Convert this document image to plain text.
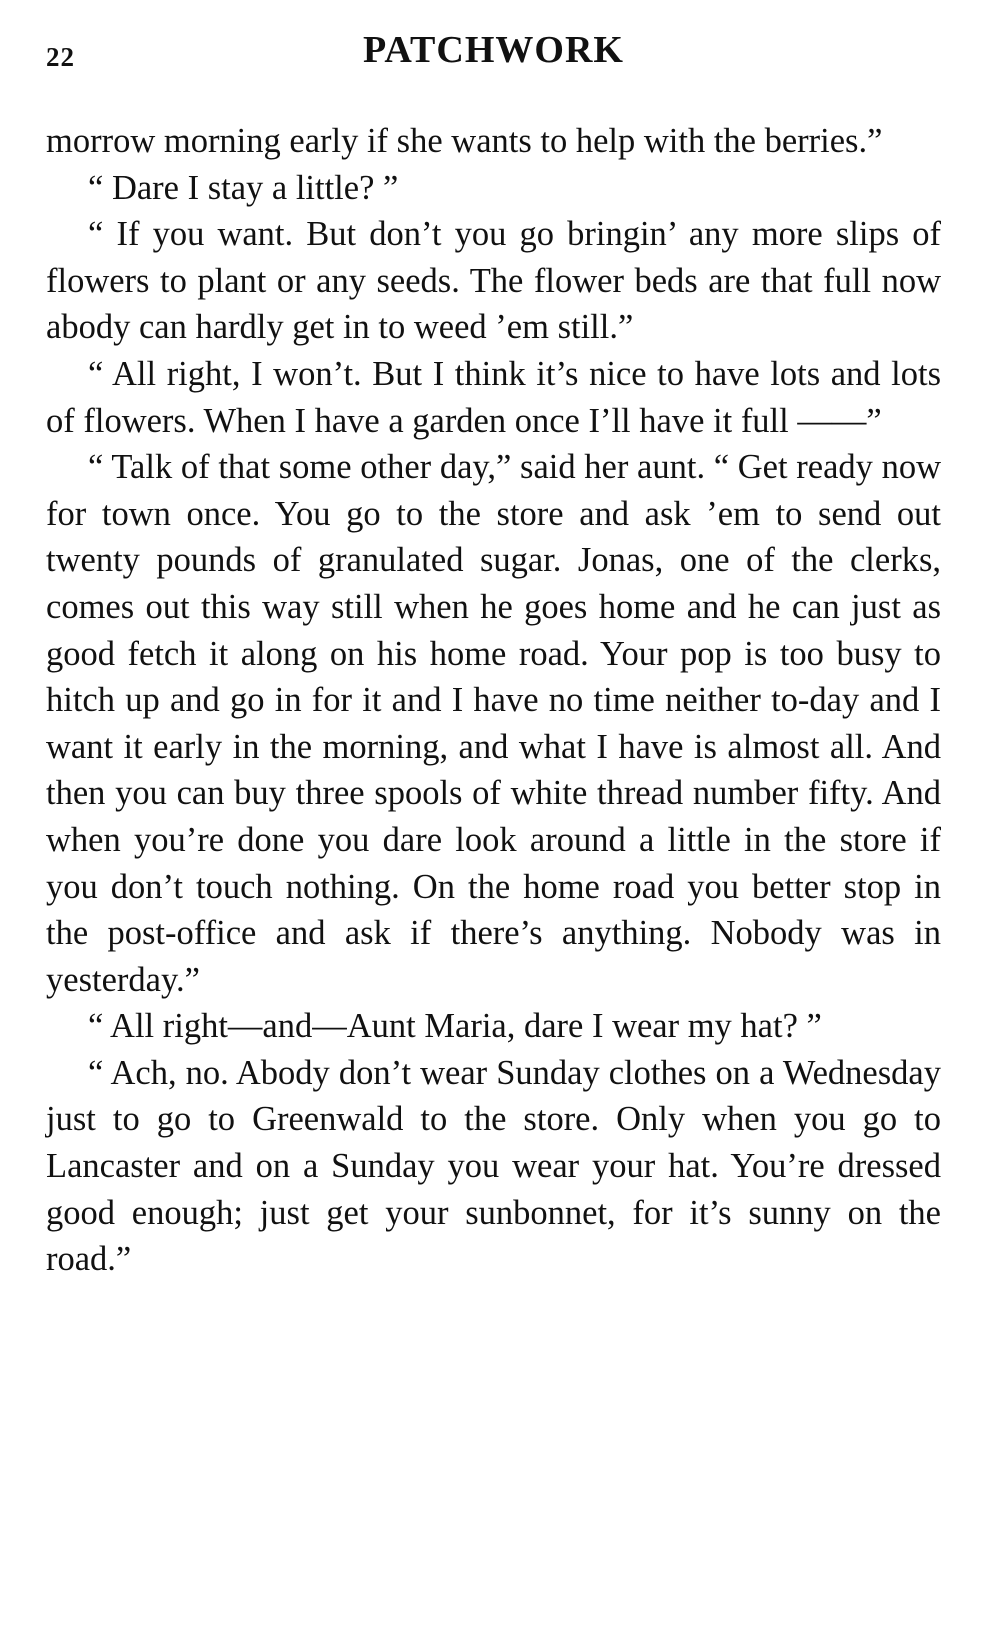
22	PATCHWORK

morrow morning early if she wants to help with the berries.”

“ Dare I stay a little? ”

“ If you want. But don’t you go bringin’ any more slips of flowers to plant or any seeds. The flower beds are that full now abody can hardly get in to weed ’em still.”

“ All right, I won’t. But I think it’s nice to have lots and lots of flowers. When I have a garden once I’ll have it full ——”

“ Talk of that some other day,” said her aunt. “ Get ready now for town once. You go to the store and ask ’em to send out twenty pounds of granulated sugar. Jonas, one of the clerks, comes out this way still when he goes home and he can just as good fetch it along on his home road. Your pop is too busy to hitch up and go in for it and I have no time neither to-day and I want it early in the morning, and what I have is almost all. And then you can buy three spools of white thread number fifty. And when you’re done you dare look around a little in the store if you don’t touch nothing. On the home road you better stop in the post-office and ask if there’s anything. Nobody was in yesterday.”

“ All right—and—Aunt Maria, dare I wear my hat? ”

“ Ach, no. Abody don’t wear Sunday clothes on a Wednesday just to go to Greenwald to the store. Only when you go to Lancaster and on a Sunday you wear your hat. You’re dressed good enough; just get your sunbonnet, for it’s sunny on the road.”
